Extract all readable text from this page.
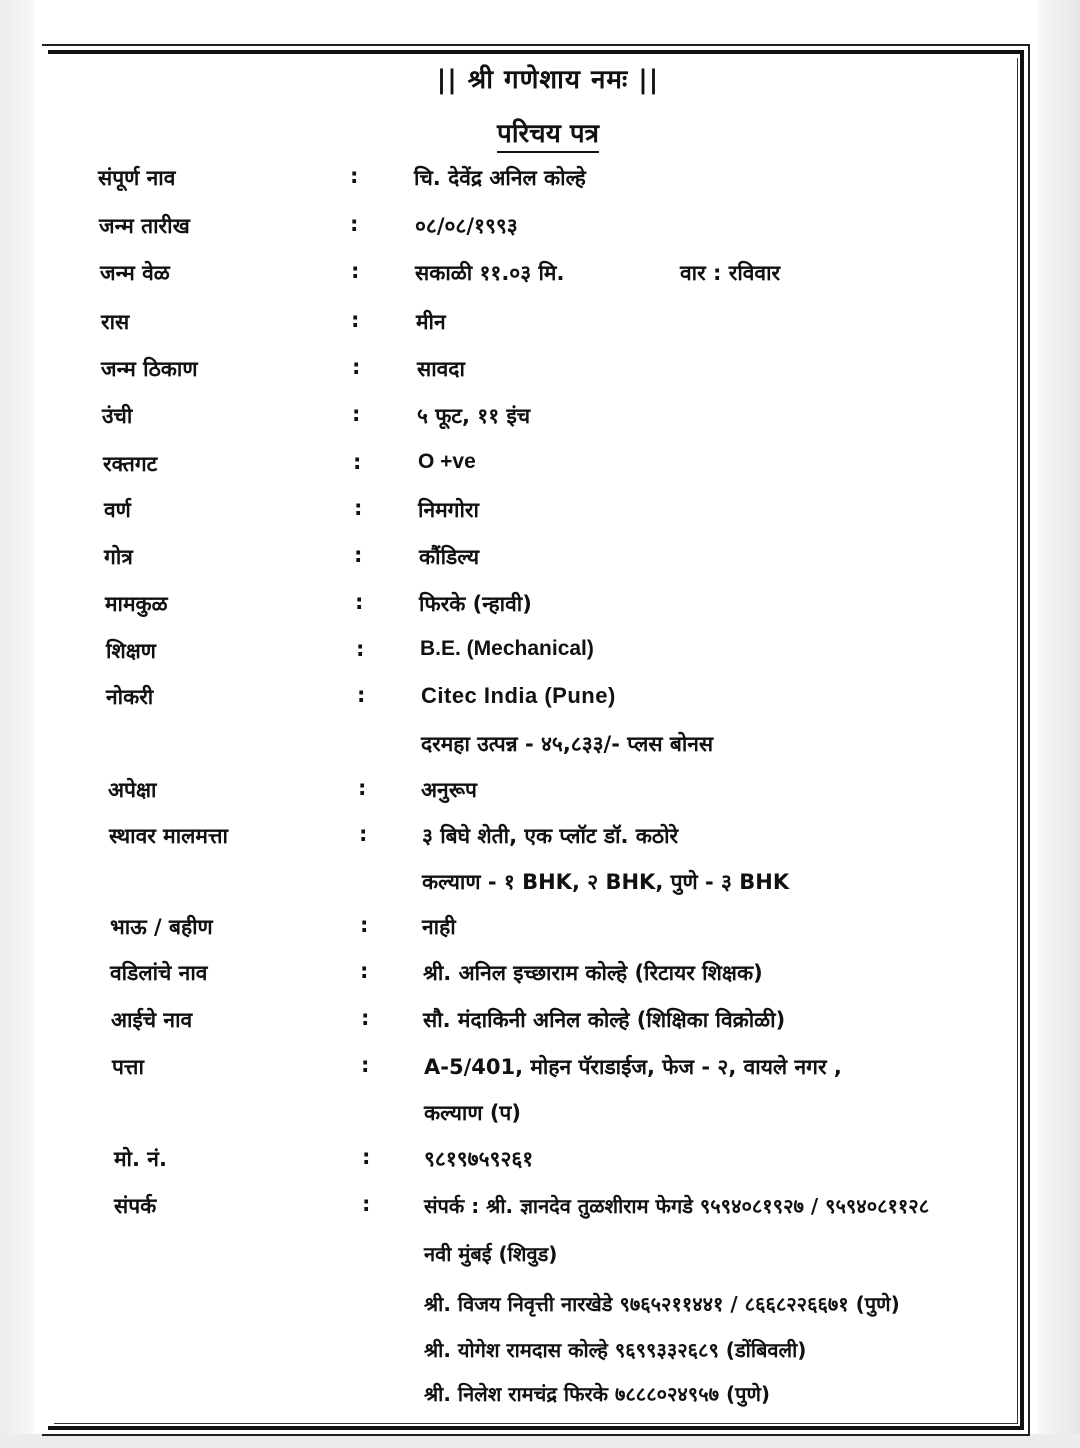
|| श्री गणेशाय नमः ||
परिचय पत्र
संपूर्ण नाव	:	चि. देवेंद्र अनिल कोल्हे
जन्म तारीख	:	०८/०८/१९९३
जन्म वेळ	:	सकाळी ११.०३ मि.	वार : रविवार
रास	:	मीन
जन्म ठिकाण	:	सावदा
उंची	:	५ फूट, ११ इंच
रक्तगट	:	O +ve
वर्ण	:	निमगोरा
गोत्र	:	कौंडिल्य
मामकुळ	:	फिरके (न्हावी)
शिक्षण	:	B.E. (Mechanical)
नोकरी	:	Citec India (Pune)
दरमहा उत्पन्न - ४५,८३३/- प्लस बोनस
अपेक्षा	:	अनुरूप
स्थावर मालमत्ता	:	३ बिघे शेती, एक प्लॉट डॉ. कठोरे
कल्याण - १ BHK, २ BHK, पुणे - ३ BHK
भाऊ / बहीण	:	नाही
वडिलांचे नाव	:	श्री. अनिल इच्छाराम कोल्हे (रिटायर शिक्षक)
आईचे नाव	:	सौ. मंदाकिनी अनिल कोल्हे (शिक्षिका विक्रोळी)
पत्ता	:	A-5/401, मोहन पॅराडाईज, फेज - २, वायले नगर ,
कल्याण (प)
मो. नं.	:	९८१९७५९२६१
संपर्क	:	संपर्क : श्री. ज्ञानदेव तुळशीराम फेगडे ९५९४०८१९२७ / ९५९४०८११२८
नवी मुंबई (शिवुड)
श्री. विजय निवृत्ती नारखेडे ९७६५२११४४१ / ८६६८२२६६७१ (पुणे)
श्री. योगेश रामदास कोल्हे ९६९९३३२६८९ (डोंबिवली)
श्री. निलेश रामचंद्र फिरके ७८८८०२४९५७ (पुणे)
